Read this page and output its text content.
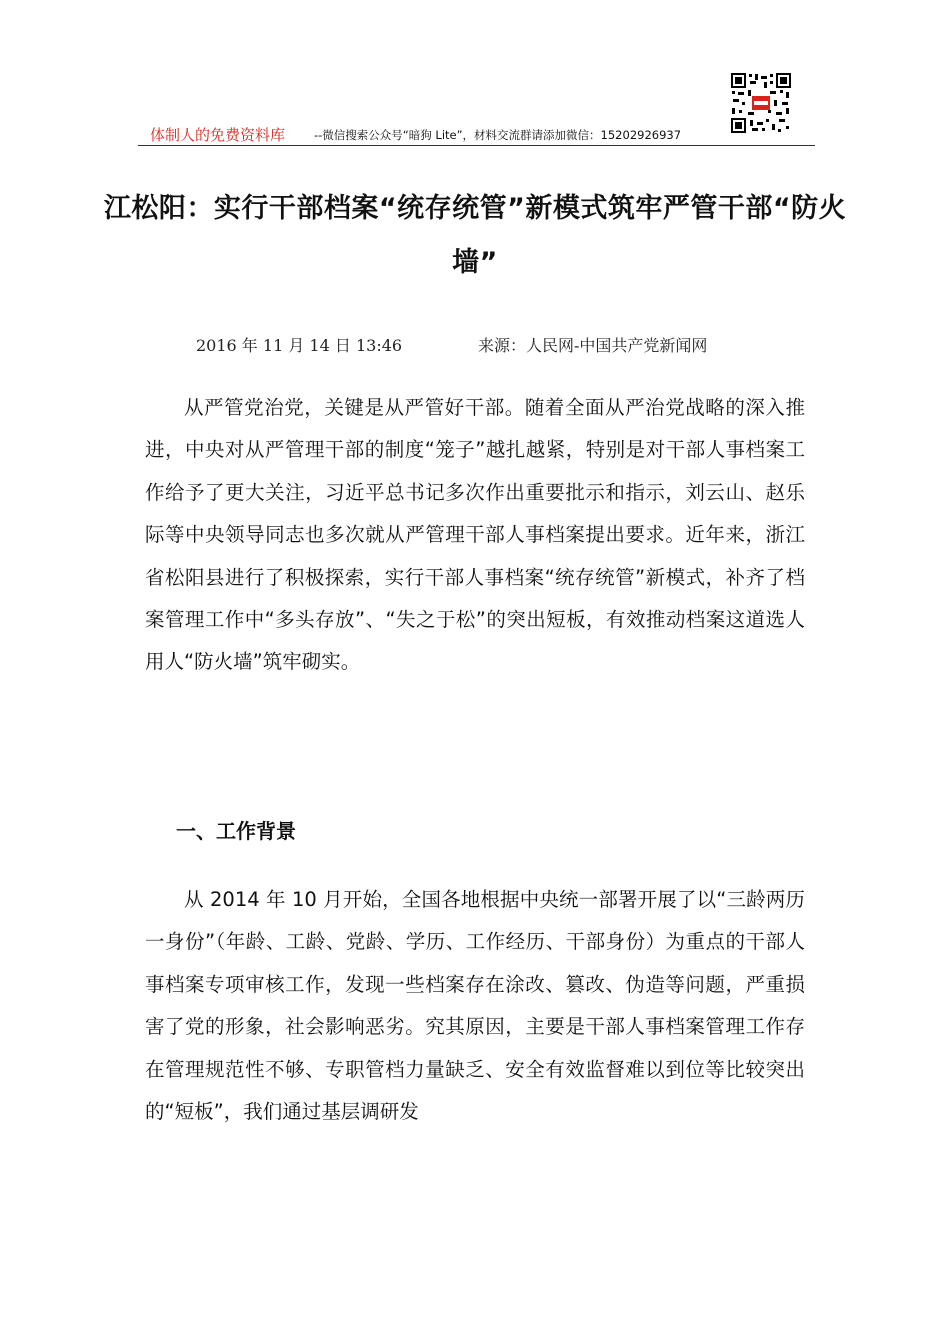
体制人的免费资料库	--微信搜索公众号“暗狗 Lite”，材料交流群请添加微信：15202926937
江松阳：实行干部档案“统存统管”新模式筑牢严管干部“防火墙”
2016 年 11 月 14 日 13:46	来源：人民网-中国共产党新闻网
从严管党治党，关键是从严管好干部。随着全面从严治党战略的深入推进，中央对从严管理干部的制度“笼子”越扎越紧，特别是对干部人事档案工作给予了更大关注，习近平总书记多次作出重要批示和指示，刘云山、赵乐际等中央领导同志也多次就从严管理干部人事档案提出要求。近年来，浙江省松阳县进行了积极探索，实行干部人事档案“统存统管”新模式，补齐了档案管理工作中“多头存放”、“失之于松”的突出短板，有效推动档案这道选人用人“防火墙”筑牢砌实。
一、工作背景
从 2014 年 10 月开始，全国各地根据中央统一部署开展了以“三龄两历一身份”（年龄、工龄、党龄、学历、工作经历、干部身份）为重点的干部人事档案专项审核工作，发现一些档案存在涂改、篡改、伪造等问题，严重损害了党的形象，社会影响恶劣。究其原因，主要是干部人事档案管理工作存在管理规范性不够、专职管档力量缺乏、安全有效监督难以到位等比较突出的“短板”，我们通过基层调研发
